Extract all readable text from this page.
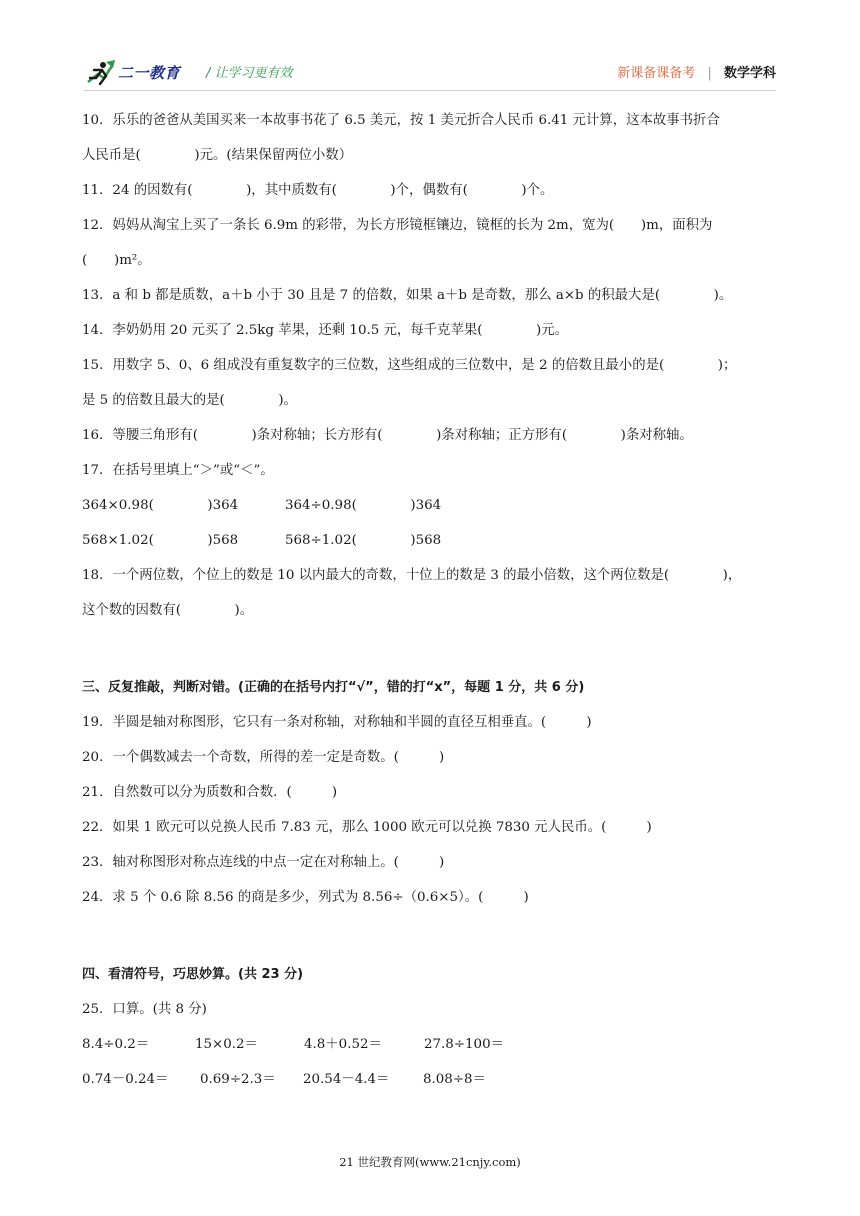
二一教育 / 让学习更有效	新课备课备考 | 数学学科
10．乐乐的爸爸从美国买来一本故事书花了 6.5 美元，按 1 美元折合人民币 6.41 元计算，这本故事书折合
人民币是(　　　　)元。(结果保留两位小数）
11．24 的因数有(　　　　)，其中质数有(　　　　)个，偶数有(　　　　)个。
12．妈妈从淘宝上买了一条长 6.9m 的彩带，为长方形镜框镶边，镜框的长为 2m，宽为(　　)m，面积为
(　　)m²。
13．a 和 b 都是质数，a＋b 小于 30 且是 7 的倍数，如果 a＋b 是奇数，那么 a×b 的积最大是(　　　　)。
14．李奶奶用 20 元买了 2.5kg 苹果，还剩 10.5 元，每千克苹果(　　　　)元。
15．用数字 5、0、6 组成没有重复数字的三位数，这些组成的三位数中，是 2 的倍数且最小的是(　　　　)；
是 5 的倍数且最大的是(　　　　)。
16．等腰三角形有(　　　　)条对称轴；长方形有(　　　　)条对称轴；正方形有(　　　　)条对称轴。
17．在括号里填上“＞”或“＜”。
364×0.98(　　　　)364	364÷0.98(　　　　)364
568×1.02(　　　　)568	568÷1.02(　　　　)568
18．一个两位数，个位上的数是 10 以内最大的奇数，十位上的数是 3 的最小倍数，这个两位数是(　　　　)，
这个数的因数有(　　　　)。
三、反复推敲，判断对错。(正确的在括号内打“√”，错的打“x”，每题 1 分，共 6 分)
19．半圆是轴对称图形，它只有一条对称轴，对称轴和半圆的直径互相垂直。(　　　)
20．一个偶数减去一个奇数，所得的差一定是奇数。(　　　)
21．自然数可以分为质数和合数．(　　　)
22．如果 1 欧元可以兑换人民币 7.83 元，那么 1000 欧元可以兑换 7830 元人民币。(　　　)
23．轴对称图形对称点连线的中点一定在对称轴上。(　　　)
24．求 5 个 0.6 除 8.56 的商是多少，列式为 8.56÷（0.6×5）。(　　　)
四、看清符号，巧思妙算。(共 23 分)
25．口算。(共 8 分)
8.4÷0.2＝	15×0.2＝	4.8＋0.52＝	27.8÷100＝
0.74－0.24＝ 0.69÷2.3＝ 20.54－4.4＝	8.08÷8＝
21 世纪教育网(www.21cnjy.com)
